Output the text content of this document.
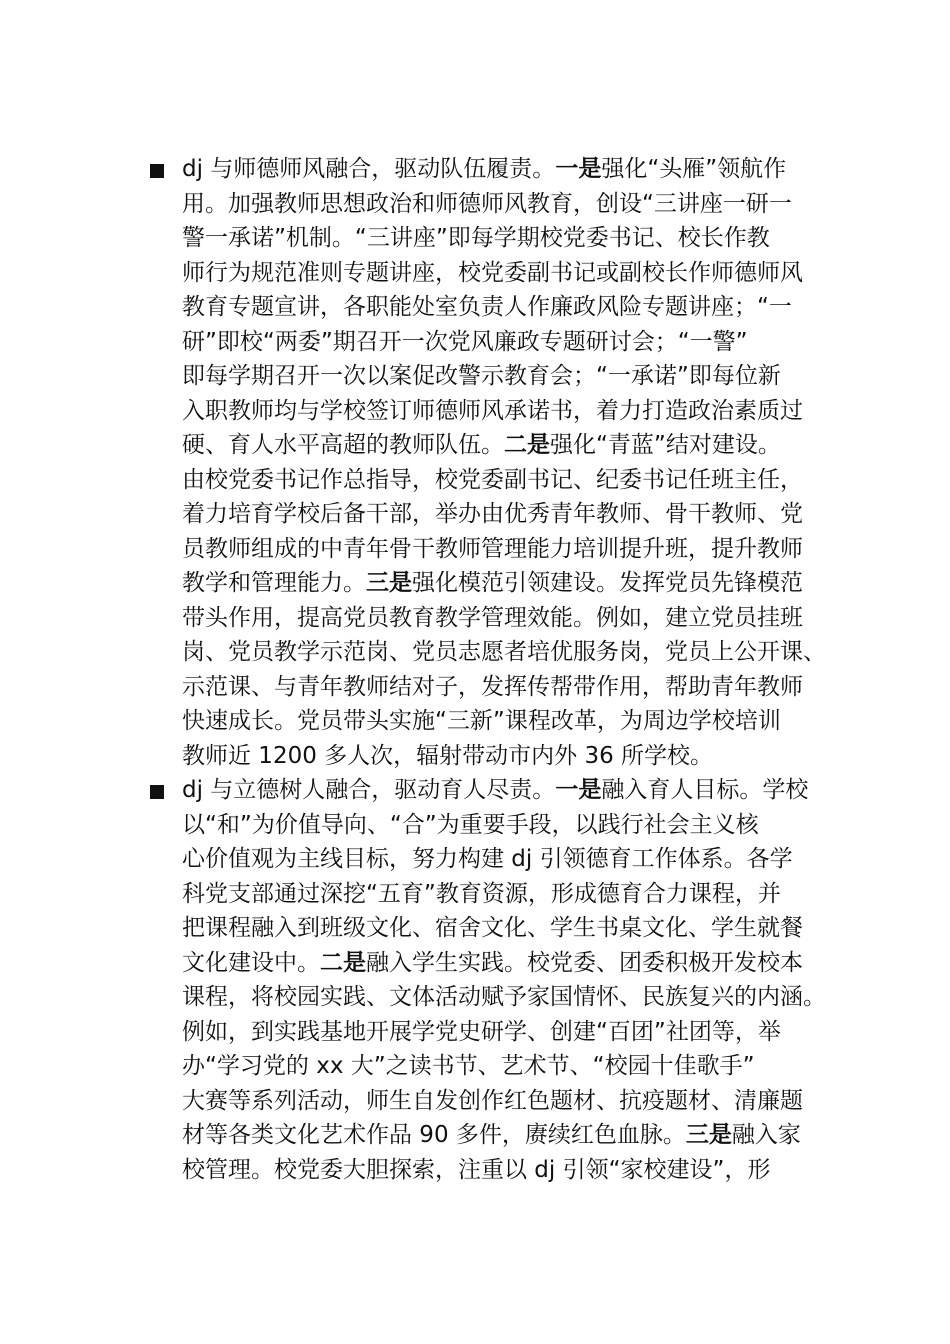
dj 与师德师风融合，驱动队伍履责。一是强化“头雁”领航作
用。加强教师思想政治和师德师风教育，创设“三讲座一研一
警一承诺”机制。“三讲座”即每学期校党委书记、校长作教
师行为规范准则专题讲座，校党委副书记或副校长作师德师风
教育专题宣讲，各职能处室负责人作廉政风险专题讲座；“一
研”即校“两委”期召开一次党风廉政专题研讨会；“一警”
即每学期召开一次以案促改警示教育会；“一承诺”即每位新
入职教师均与学校签订师德师风承诺书，着力打造政治素质过
硬、育人水平高超的教师队伍。二是强化“青蓝”结对建设。
由校党委书记作总指导，校党委副书记、纪委书记任班主任，
着力培育学校后备干部，举办由优秀青年教师、骨干教师、党
员教师组成的中青年骨干教师管理能力培训提升班，提升教师
教学和管理能力。三是强化模范引领建设。发挥党员先锋模范
带头作用，提高党员教育教学管理效能。例如，建立党员挂班
岗、党员教学示范岗、党员志愿者培优服务岗，党员上公开课、
示范课、与青年教师结对子，发挥传帮带作用，帮助青年教师
快速成长。党员带头实施“三新”课程改革，为周边学校培训
教师近 1200 多人次，辐射带动市内外 36 所学校。
dj 与立德树人融合，驱动育人尽责。一是融入育人目标。学校
以“和”为价值导向、“合”为重要手段，以践行社会主义核
心价值观为主线目标，努力构建 dj 引领德育工作体系。各学
科党支部通过深挖“五育”教育资源，形成德育合力课程，并
把课程融入到班级文化、宿舍文化、学生书桌文化、学生就餐
文化建设中。二是融入学生实践。校党委、团委积极开发校本
课程，将校园实践、文体活动赋予家国情怀、民族复兴的内涵。
例如，到实践基地开展学党史研学、创建“百团”社团等，举
办“学习党的 xx 大”之读书节、艺术节、“校园十佳歌手”
大赛等系列活动，师生自发创作红色题材、抗疫题材、清廉题
材等各类文化艺术作品 90 多件，赓续红色血脉。三是融入家
校管理。校党委大胆探索，注重以 dj 引领“家校建设”，形
